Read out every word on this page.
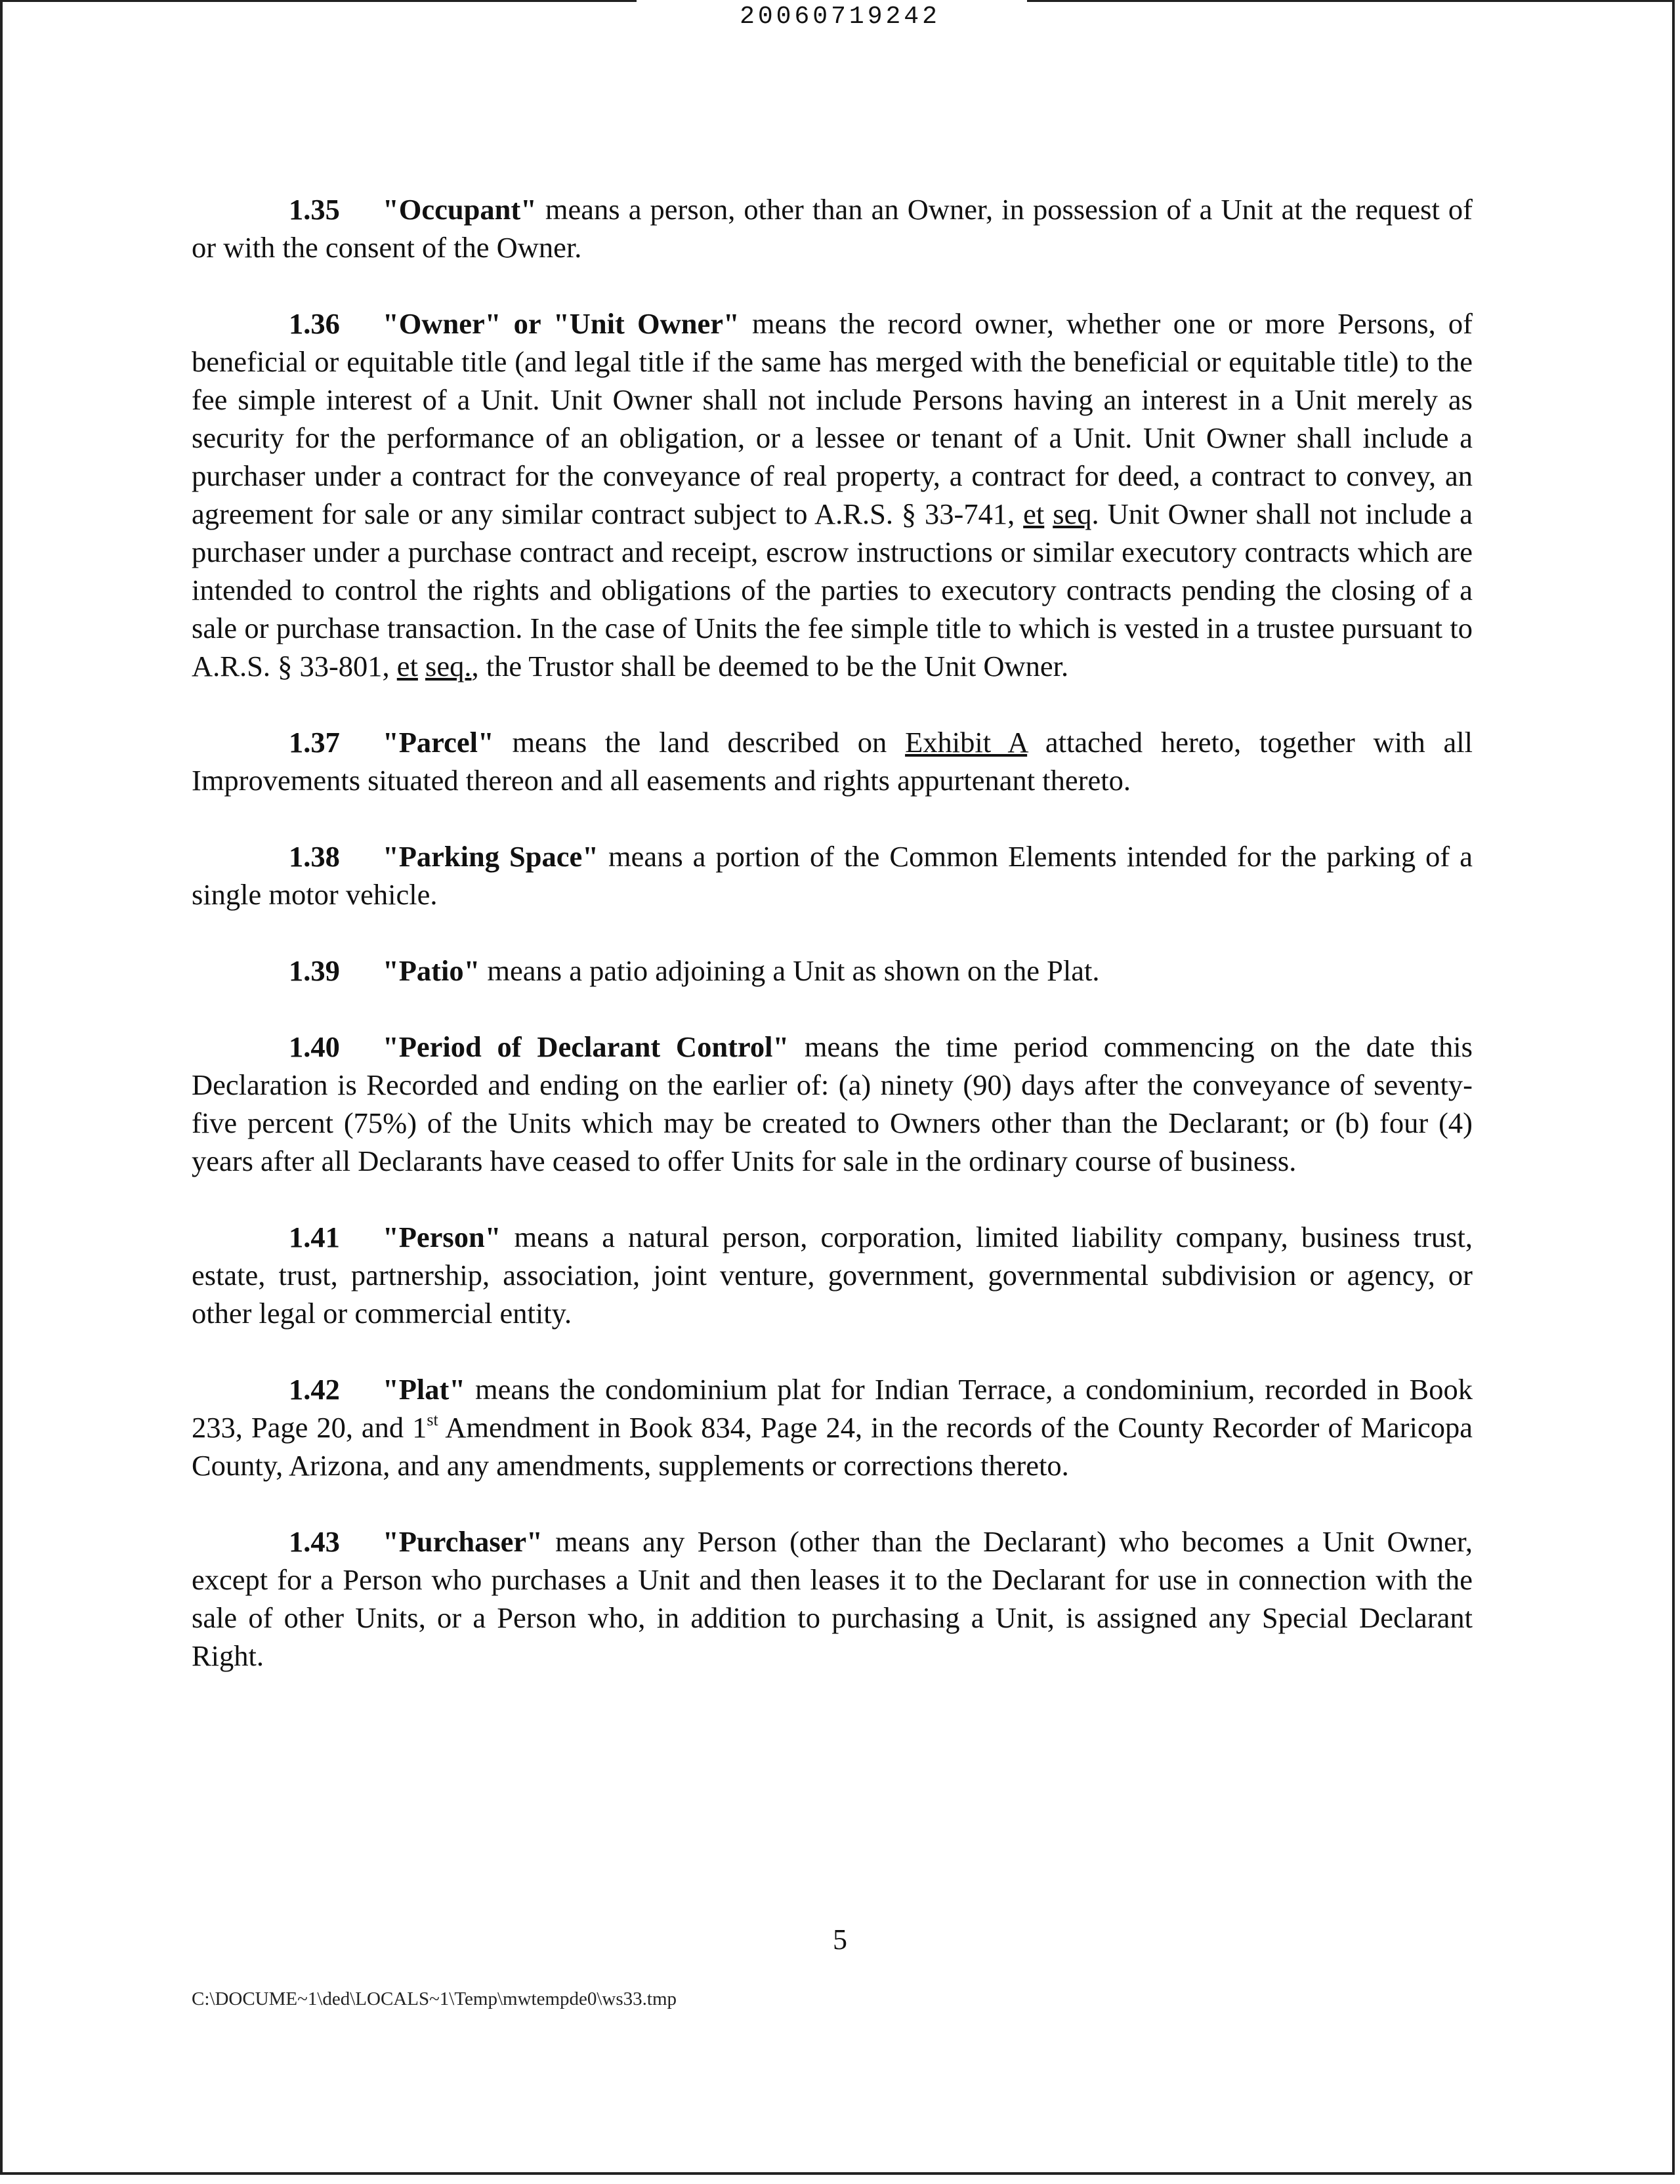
20060719242

1.35 "Occupant" means a person, other than an Owner, in possession of a Unit at the request of or with the consent of the Owner.

1.36 "Owner" or "Unit Owner" means the record owner, whether one or more Persons, of beneficial or equitable title (and legal title if the same has merged with the beneficial or equitable title) to the fee simple interest of a Unit. Unit Owner shall not include Persons having an interest in a Unit merely as security for the performance of an obligation, or a lessee or tenant of a Unit. Unit Owner shall include a purchaser under a contract for the conveyance of real property, a contract for deed, a contract to convey, an agreement for sale or any similar contract subject to A.R.S. § 33-741, et seq. Unit Owner shall not include a purchaser under a purchase contract and receipt, escrow instructions or similar executory contracts which are intended to control the rights and obligations of the parties to executory contracts pending the closing of a sale or purchase transaction. In the case of Units the fee simple title to which is vested in a trustee pursuant to A.R.S. § 33-801, et seq., the Trustor shall be deemed to be the Unit Owner.

1.37 "Parcel" means the land described on Exhibit A attached hereto, together with all Improvements situated thereon and all easements and rights appurtenant thereto.

1.38 "Parking Space" means a portion of the Common Elements intended for the parking of a single motor vehicle.

1.39 "Patio" means a patio adjoining a Unit as shown on the Plat.

1.40 "Period of Declarant Control" means the time period commencing on the date this Declaration is Recorded and ending on the earlier of: (a) ninety (90) days after the conveyance of seventy-five percent (75%) of the Units which may be created to Owners other than the Declarant; or (b) four (4) years after all Declarants have ceased to offer Units for sale in the ordinary course of business.

1.41 "Person" means a natural person, corporation, limited liability company, business trust, estate, trust, partnership, association, joint venture, government, governmental subdivision or agency, or other legal or commercial entity.

1.42 "Plat" means the condominium plat for Indian Terrace, a condominium, recorded in Book 233, Page 20, and 1st Amendment in Book 834, Page 24, in the records of the County Recorder of Maricopa County, Arizona, and any amendments, supplements or corrections thereto.

1.43 "Purchaser" means any Person (other than the Declarant) who becomes a Unit Owner, except for a Person who purchases a Unit and then leases it to the Declarant for use in connection with the sale of other Units, or a Person who, in addition to purchasing a Unit, is assigned any Special Declarant Right.

5
C:\DOCUME~1\ded\LOCALS~1\Temp\mwtempde0\ws33.tmp
